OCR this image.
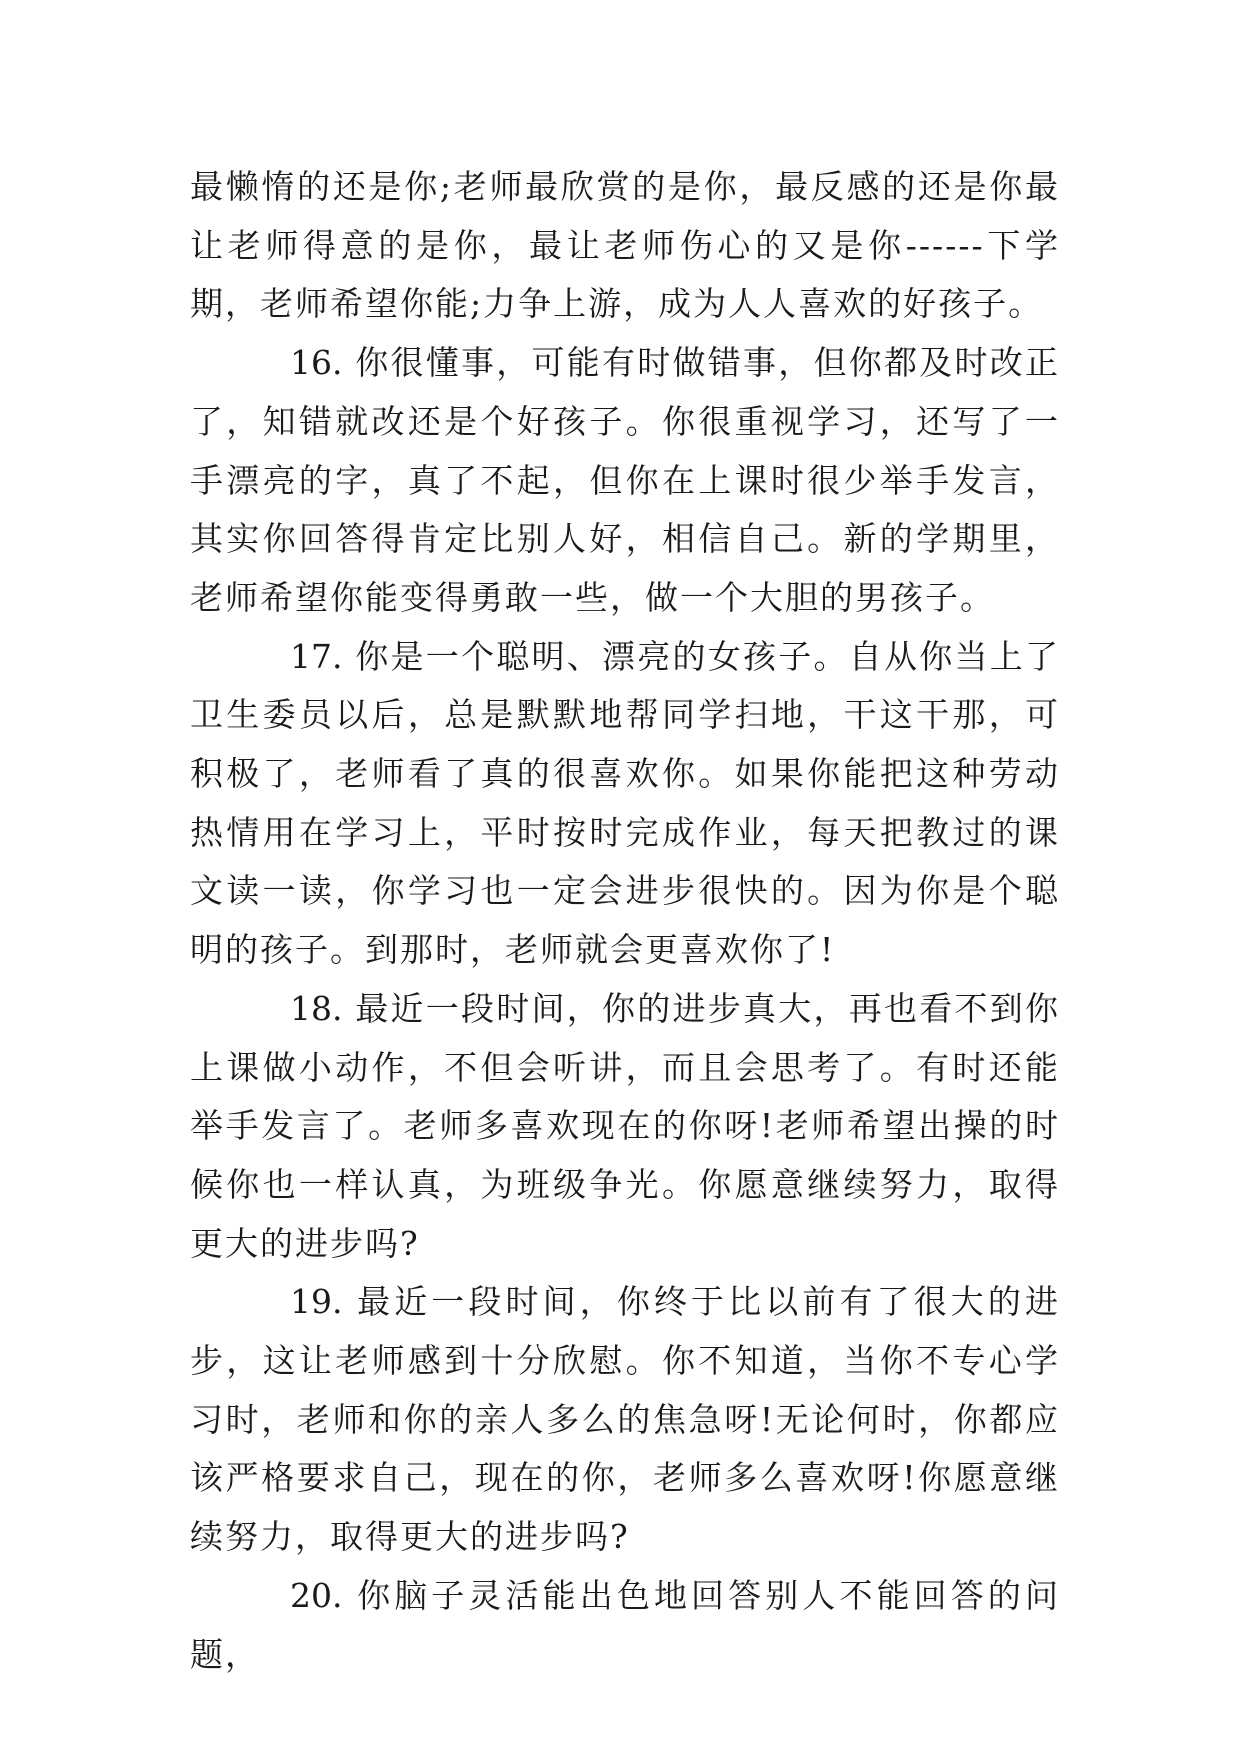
最懒惰的还是你;老师最欣赏的是你，最反感的还是你最让老师得意的是你，最让老师伤心的又是你------下学期，老师希望你能;力争上游，成为人人喜欢的好孩子。

16. 你很懂事，可能有时做错事，但你都及时改正了，知错就改还是个好孩子。你很重视学习，还写了一手漂亮的字，真了不起，但你在上课时很少举手发言，其实你回答得肯定比别人好，相信自己。新的学期里，老师希望你能变得勇敢一些，做一个大胆的男孩子。

17. 你是一个聪明、漂亮的女孩子。自从你当上了卫生委员以后，总是默默地帮同学扫地，干这干那，可积极了，老师看了真的很喜欢你。如果你能把这种劳动热情用在学习上，平时按时完成作业，每天把教过的课文读一读，你学习也一定会进步很快的。因为你是个聪明的孩子。到那时，老师就会更喜欢你了!

18. 最近一段时间，你的进步真大，再也看不到你上课做小动作，不但会听讲，而且会思考了。有时还能举手发言了。老师多喜欢现在的你呀!老师希望出操的时候你也一样认真，为班级争光。你愿意继续努力，取得更大的进步吗?

19. 最近一段时间，你终于比以前有了很大的进步，这让老师感到十分欣慰。你不知道，当你不专心学习时，老师和你的亲人多么的焦急呀!无论何时，你都应该严格要求自己，现在的你，老师多么喜欢呀!你愿意继续努力，取得更大的进步吗?

20. 你脑子灵活能出色地回答别人不能回答的问题，
